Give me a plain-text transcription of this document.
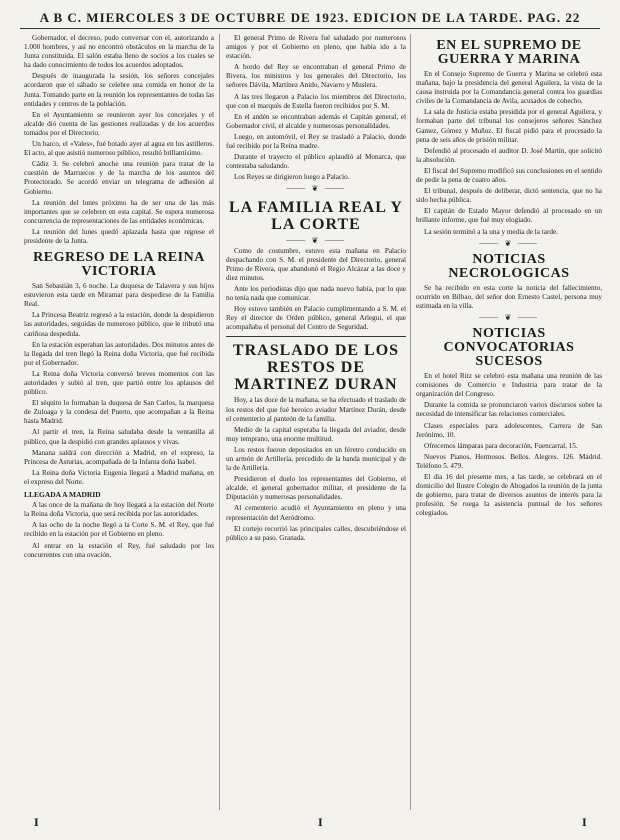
A B C. MIERCOLES 3 DE OCTUBRE DE 1923. EDICION DE LA TARDE. PAG. 22

Gobernador, el decreso, pudo conversar con el, autorizando a 1.000 hombres, y así no encontró obstáculos en la marcha de la Junta constituida. El salón estaba lleno de socios a los cuales se ha dado conocimiento de todos los acuerdos adoptados.

Después de inaugurada la sesión, los señores concejales acordaron que el sábado se celebre una comida en honor de la Junta. Tomando parte en la reunión los representantes de todas las entidades y centros de la población.

En el Ayuntamiento se reunieron ayer los concejales y el alcalde dió cuenta de las gestiones realizadas y de los acuerdos tomados por el Directorio.

Un barco, el «Vales», fué botado ayer al agua en los astilleros. El acto, al que asistió numeroso público, resultó brillantísimo.

Cádiz 3. Se celebró anoche una reunión para tratar de la cuestión de Marruecos y de la marcha de los asuntos del Protectorado. Se acordó enviar un telegrama de adhesión al Gobierno.

La reunión del lunes próximo ha de ser una de las más importantes que se celebren en esta capital. Se espera numerosa concurrencia de representaciones de las entidades económicas.

La reunión del lunes quedó aplazada hasta que regrese el presidente de la Junta.

REGRESO DE LA REINA VICTORIA

San Sebastián 3, 6 noche. La duquesa de Talavera y sus hijos estuvieron esta tarde en Miramar para despedirse de la Familia Real.

La Princesa Beatriz regresó a la estación, donde la despidieron las autoridades, seguidas de numeroso público, que le tributó una cariñosa despedida.

En la estación esperaban las autoridades. Dos minutos antes de la llegada del tren llegó la Reina doña Victoria, que fué recibida por el Gobernador.

La Reina doña Victoria conversó breves momentos con las autoridades y subió al tren, que partió entre los aplausos del público.

El séquito lo formaban la duquesa de San Carlos, la marquesa de Zuloaga y la condesa del Puerto, que acompañan a la Reina hasta Madrid.

Al partir el tren, la Reina saludaba desde la ventanilla al público, que la despidió con grandes aplausos y vivas.

Manana saldrá con dirección a Madrid, en el expreso, la Princesa de Asturias, acompañada de la Infanta doña Isabel.

La Reina doña Victoria Eugenia llegará a Madrid mañana, en el expreso del Norte.

LLEGADA A MADRID

A las once de la mañana de hoy llegará a la estación del Norte la Reina doña Victoria, que será recibida por las autoridades.

A las ocho de la noche llegó a la Corte S. M. el Rey, que fué recibido en la estación por el Gobierno en pleno.

Al entrar en la estación el Rey, fué saludado por los concurrentes con una ovación.

El general Primo de Rivera fué saludado por numerosos amigos y por el Gobierno en pleno, que había ido a la estación.

A bordo del Rey se encontraban el general Primo de Rivera, los ministros y los generales del Directorio, los señores Dávila, Martínez Anido, Navarro y Muslera.

A las tres llegaron a Palacio los miembros del Directorio, que con el marqués de Estella fueron recibidos por S. M.

En el andén se encontraban además el Capitán general, el Gobernador civil, el alcalde y numerosas personalidades.

Luego, en automóvil, el Rey se trasladó a Palacio, donde fué recibido por la Reina madre.

Durante el trayecto el público aplaudió al Monarca, que contestaba saludando.

Los Reyes se dirigieron luego a Palacio.

⸻ ❦ ⸻
LA FAMILIA REAL Y LA CORTE
⸻ ❦ ⸻

Como de costumbre, estuvo esta mañana en Palacio despachando con S. M. el presidente del Directorio, general Primo de Rivera, que abandonó el Regio Alcázar a las doce y diez minutos.

Ante los periodistas dijo que nada nuevo había, por lo que no tenía nada que comunicar.

Hoy estuvo también en Palacio cumplimentando a S. M. el Rey el director de Orden público, general Arlegui, el que acompañaba el personal del Centro de Seguridad.

TRASLADO DE LOS RESTOS DE MARTINEZ DURAN

Hoy, a las doce de la mañana, se ha efectuado el traslado de los restos del que fué heroico aviador Martínez Durán, desde el cementerio al panteón de la familia.

Medio de la capital esperaba la llegada del aviador, desde muy temprano, una enorme multitud.

Los restos fueron depositados en un féretro conducido en un armón de Artillería, precedido de la banda municipal y de la de Artillería.

Presidieron el duelo los representantes del Gobierno, el alcalde, el general gobernador militar, el presidente de la Diputación y numerosas personalidades.

Al cementerio acudió el Ayuntamiento en pleno y una representación del Aeródromo.

El cortejo recorrió las principales calles, descubriéndose el público a su paso. Granada.

EN EL SUPREMO DE GUERRA Y MARINA

En el Consejo Supremo de Guerra y Marina se celebró esta mañana, bajo la presidencia del general Aguilera, la vista de la causa instruida por la Comandancia general contra los guardias civiles de la Comandancia de Avila, acusados de cohecho.

La sala de Justicia estaba presidida por el general Aguilera, y formaban parte del tribunal los consejeros señores Sánchez Gamez, Gómez y Muñoz. El fiscal pidió para el procesado la pena de seis años de prisión militar.

Defendió al procesado el auditor D. José Martín, que solicitó la absolución.

El fiscal del Supremo modificó sus conclusiones en el sentido de pedir la pena de cuatro años.

El tribunal, después de deliberar, dictó sentencia, que no ha sido hecha pública.

El capitán de Estado Mayor defendió al procesado en un brillante informe, que fué muy elogiado.

La sesión terminó a la una y media de la tarde.

⸻ ❦ ⸻
NOTICIAS NECROLOGICAS

Se ha recibido en esta corte la noticia del fallecimiento, ocurrido en Bilbao, del señor don Ernesto Castel, persona muy estimada en la villa.

⸻ ❦ ⸻
NOTICIAS CONVOCATORIAS SUCESOS

En el hotel Ritz se celebró esta mañana una reunión de las comisiones de Comercio e Industria para tratar de la organización del Congreso.

Durante la comida se pronunciaron varios discursos sobre la necesidad de intensificar las relaciones comerciales.

Clases especiales para adolescentes, Carrera de San Jerónimo, 10.

Ofrecemos lámparas para decoración, Fuencarral, 15.

Nuevos Pianos, Hermosos. Bellos. Alegres. 126. Madrid. Teléfono 5. 479.

El día 16 del presente mes, a las tarde, se celebrará en el domicilio del Ilustre Colegio de Abogados la reunión de la junta de gobierno, para tratar de diversos asuntos de interés para la profesión. Se ruega la asistencia puntual de los señores colegiados.

I	I	I
